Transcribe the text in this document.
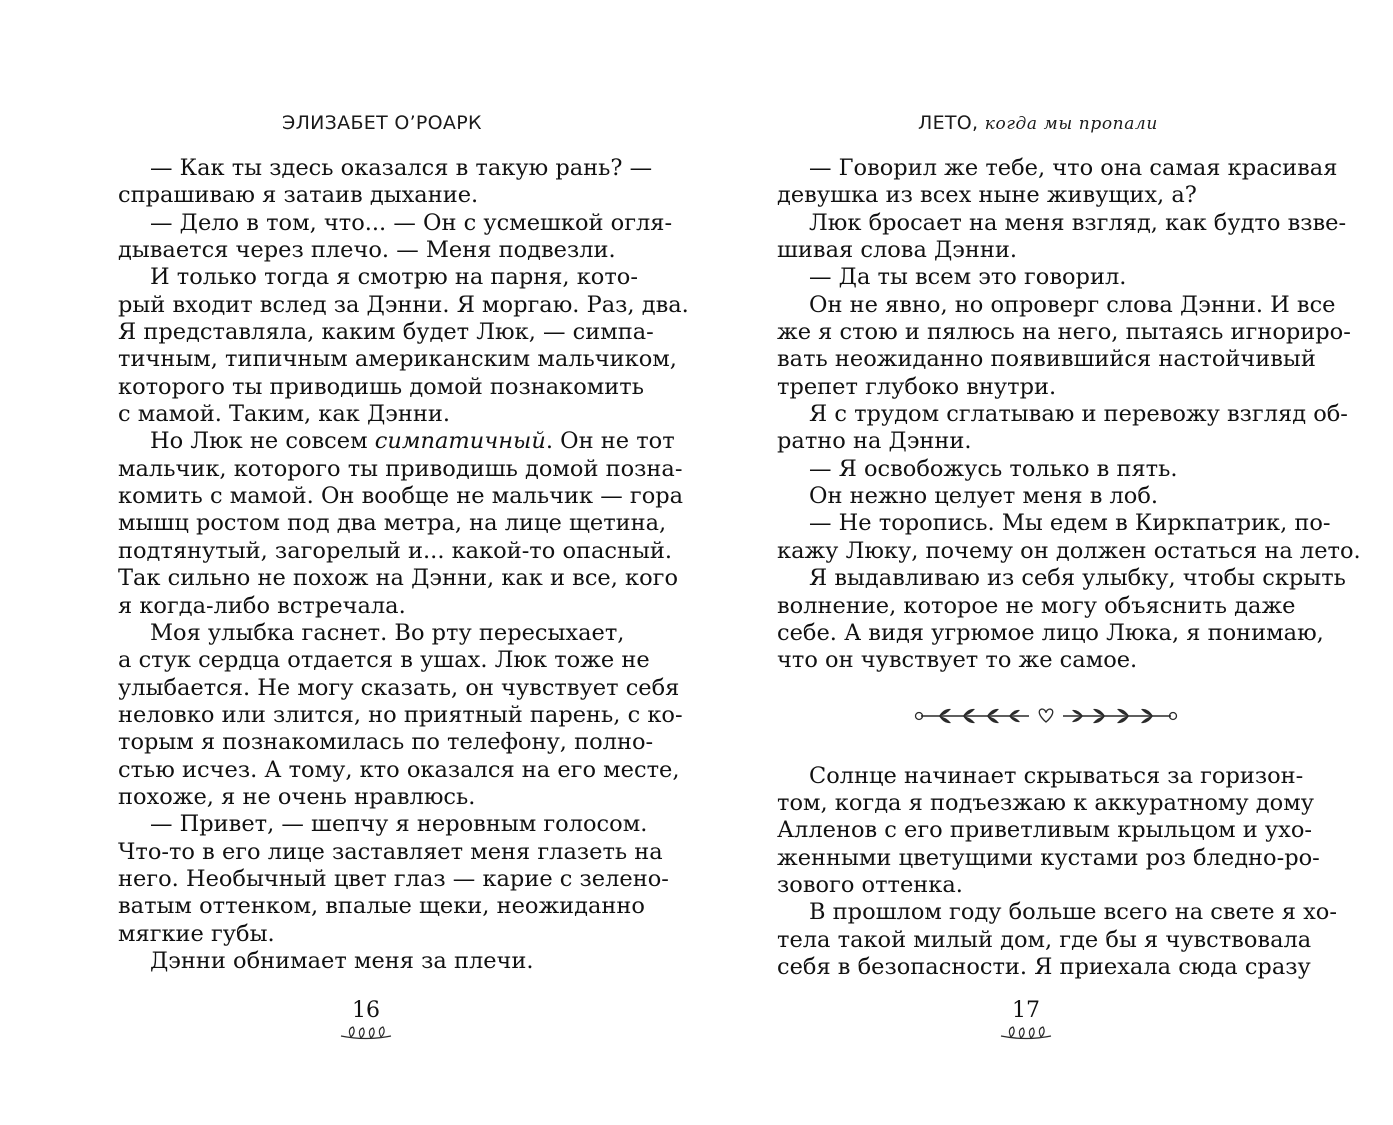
ЭЛИЗАБЕТ О’РОАРК
— Как ты здесь оказался в такую рань? —
спрашиваю я затаив дыхание.
— Дело в том, что... — Он с усмешкой огля-
дывается через плечо. — Меня подвезли.
И только тогда я смотрю на парня, кото-
рый входит вслед за Дэнни. Я моргаю. Раз, два.
Я представляла, каким будет Люк, — симпа-
тичным, типичным американским мальчиком,
которого ты приводишь домой познакомить
с мамой. Таким, как Дэнни.
Но Люк не совсем симпатичный. Он не тот
мальчик, которого ты приводишь домой позна-
комить с мамой. Он вообще не мальчик — гора
мышц ростом под два метра, на лице щетина,
подтянутый, загорелый и... какой-то опасный.
Так сильно не похож на Дэнни, как и все, кого
я когда-либо встречала.
Моя улыбка гаснет. Во рту пересыхает,
а стук сердца отдается в ушах. Люк тоже не
улыбается. Не могу сказать, он чувствует себя
неловко или злится, но приятный парень, с ко-
торым я познакомилась по телефону, полно-
стью исчез. А тому, кто оказался на его месте,
похоже, я не очень нравлюсь.
— Привет, — шепчу я неровным голосом.
Что-то в его лице заставляет меня глазеть на
него. Необычный цвет глаз — карие с зелено-
ватым оттенком, впалые щеки, неожиданно
мягкие губы.
Дэнни обнимает меня за плечи.
16
ЛЕТО, когда мы пропали
— Говорил же тебе, что она самая красивая
девушка из всех ныне живущих, а?
Люк бросает на меня взгляд, как будто взве-
шивая слова Дэнни.
— Да ты всем это говорил.
Он не явно, но опроверг слова Дэнни. И все
же я стою и пялюсь на него, пытаясь игнориро-
вать неожиданно появившийся настойчивый
трепет глубоко внутри.
Я с трудом сглатываю и перевожу взгляд об-
ратно на Дэнни.
— Я освобожусь только в пять.
Он нежно целует меня в лоб.
— Не торопись. Мы едем в Киркпатрик, по-
кажу Люку, почему он должен остаться на лето.
Я выдавливаю из себя улыбку, чтобы скрыть
волнение, которое не могу объяснить даже
себе. А видя угрюмое лицо Люка, я понимаю,
что он чувствует то же самое.
Солнце начинает скрываться за горизон-
том, когда я подъезжаю к аккуратному дому
Алленов с его приветливым крыльцом и ухо-
женными цветущими кустами роз бледно-ро-
зового оттенка.
В прошлом году больше всего на свете я хо-
тела такой милый дом, где бы я чувствовала
себя в безопасности. Я приехала сюда сразу
17
